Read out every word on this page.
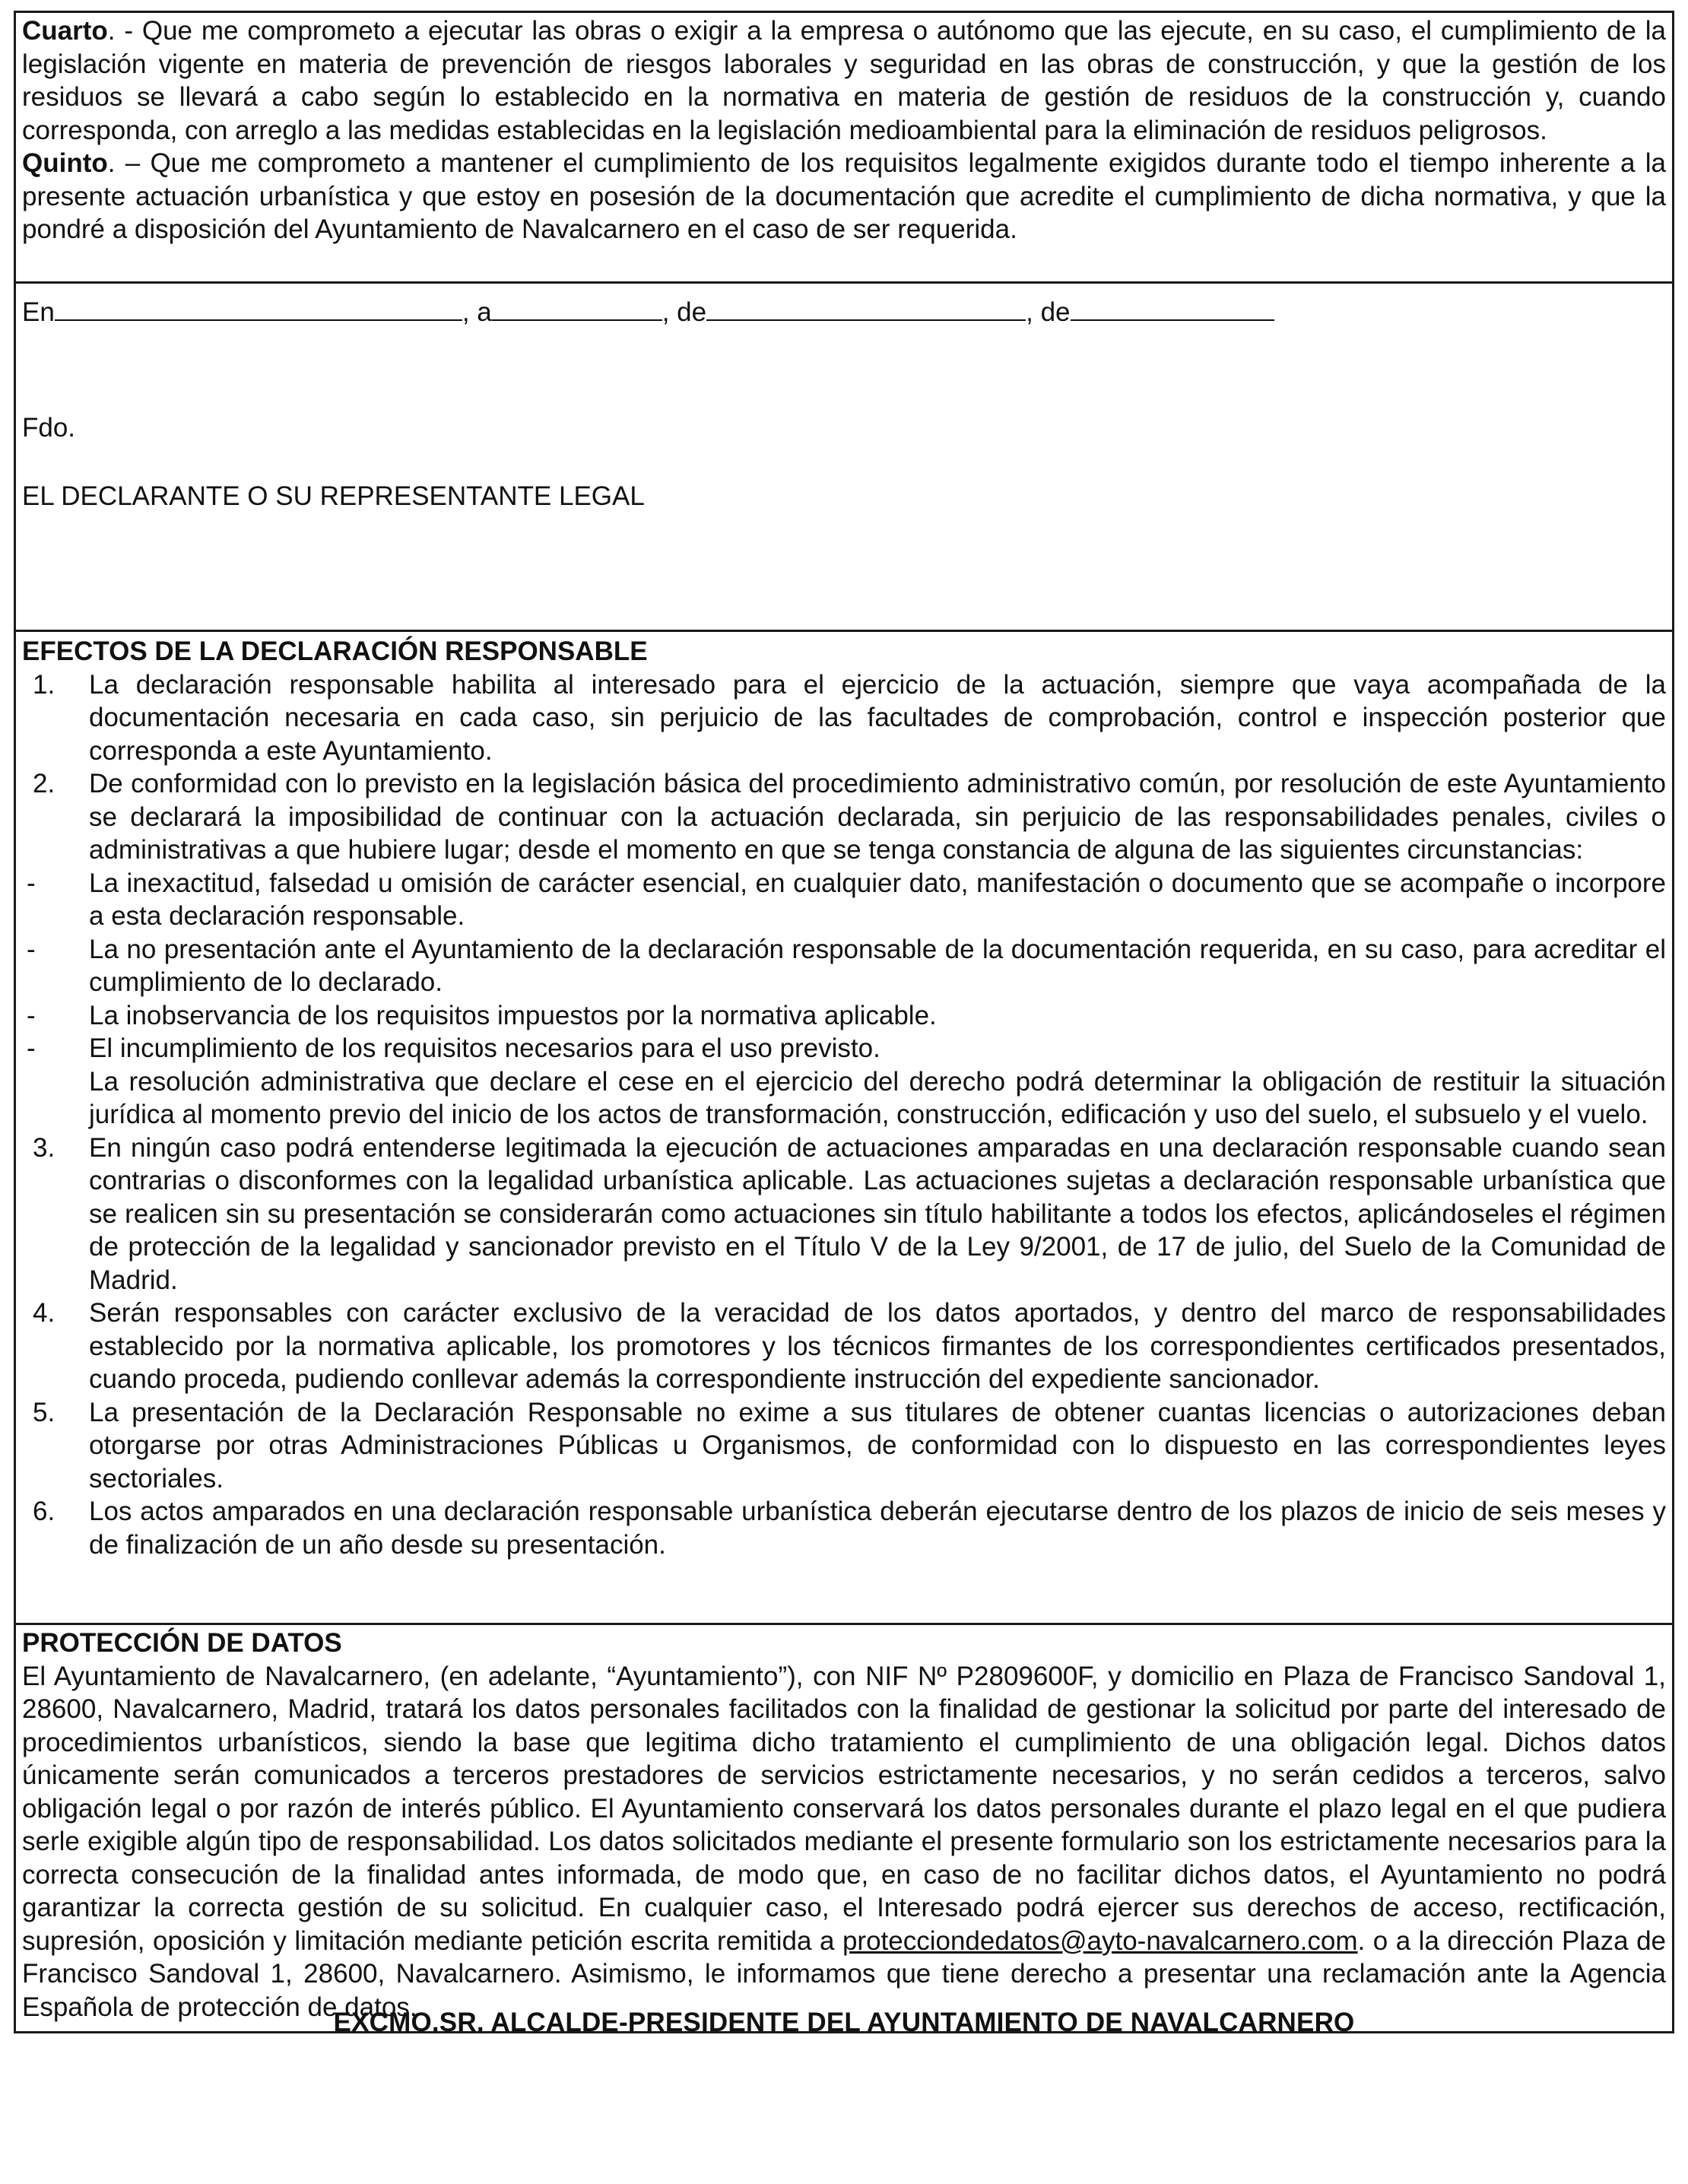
Cuarto. - Que me comprometo a ejecutar las obras o exigir a la empresa o autónomo que las ejecute, en su caso, el cumplimiento de la legislación vigente en materia de prevención de riesgos laborales y seguridad en las obras de construcción, y que la gestión de los residuos se llevará a cabo según lo establecido en la normativa en materia de gestión de residuos de la construcción y, cuando corresponda, con arreglo a las medidas establecidas en la legislación medioambiental para la eliminación de residuos peligrosos.

Quinto. – Que me comprometo a mantener el cumplimiento de los requisitos legalmente exigidos durante todo el tiempo inherente a la presente actuación urbanística y que estoy en posesión de la documentación que acredite el cumplimiento de dicha normativa, y que la pondré a disposición del Ayuntamiento de Navalcarnero en el caso de ser requerida.

En	, a	, de	, de
Fdo.
EL DECLARANTE O SU REPRESENTANTE LEGAL
EFECTOS DE LA DECLARACIÓN RESPONSABLE
1.	La declaración responsable habilita al interesado para el ejercicio de la actuación, siempre que vaya acompañada de la documentación necesaria en cada caso, sin perjuicio de las facultades de comprobación, control e inspección posterior que corresponda a este Ayuntamiento.
2.	De conformidad con lo previsto en la legislación básica del procedimiento administrativo común, por resolución de este Ayuntamiento se declarará la imposibilidad de continuar con la actuación declarada, sin perjuicio de las responsabilidades penales, civiles o administrativas a que hubiere lugar; desde el momento en que se tenga constancia de alguna de las siguientes circunstancias:
-	La inexactitud, falsedad u omisión de carácter esencial, en cualquier dato, manifestación o documento que se acompañe o incorpore a esta declaración responsable.
-	La no presentación ante el Ayuntamiento de la declaración responsable de la documentación requerida, en su caso, para acreditar el cumplimiento de lo declarado.
-	La inobservancia de los requisitos impuestos por la normativa aplicable.
-	El incumplimiento de los requisitos necesarios para el uso previsto.
La resolución administrativa que declare el cese en el ejercicio del derecho podrá determinar la obligación de restituir la situación jurídica al momento previo del inicio de los actos de transformación, construcción, edificación y uso del suelo, el subsuelo y el vuelo.
3.	En ningún caso podrá entenderse legitimada la ejecución de actuaciones amparadas en una declaración responsable cuando sean contrarias o disconformes con la legalidad urbanística aplicable. Las actuaciones sujetas a declaración responsable urbanística que se realicen sin su presentación se considerarán como actuaciones sin título habilitante a todos los efectos, aplicándoseles el régimen de protección de la legalidad y sancionador previsto en el Título V de la Ley 9/2001, de 17 de julio, del Suelo de la Comunidad de Madrid.
4.	Serán responsables con carácter exclusivo de la veracidad de los datos aportados, y dentro del marco de responsabilidades establecido por la normativa aplicable, los promotores y los técnicos firmantes de los correspondientes certificados presentados, cuando proceda, pudiendo conllevar además la correspondiente instrucción del expediente sancionador.
5.	La presentación de la Declaración Responsable no exime a sus titulares de obtener cuantas licencias o autorizaciones deban otorgarse por otras Administraciones Públicas u Organismos, de conformidad con lo dispuesto en las correspondientes leyes sectoriales.
6.	Los actos amparados en una declaración responsable urbanística deberán ejecutarse dentro de los plazos de inicio de seis meses y de finalización de un año desde su presentación.
PROTECCIÓN DE DATOS

El Ayuntamiento de Navalcarnero, (en adelante, “Ayuntamiento”), con NIF Nº P2809600F, y domicilio en Plaza de Francisco Sandoval 1, 28600, Navalcarnero, Madrid, tratará los datos personales facilitados con la finalidad de gestionar la solicitud por parte del interesado de procedimientos urbanísticos, siendo la base que legitima dicho tratamiento el cumplimiento de una obligación legal. Dichos datos únicamente serán comunicados a terceros prestadores de servicios estrictamente necesarios, y no serán cedidos a terceros, salvo obligación legal o por razón de interés público. El Ayuntamiento conservará los datos personales durante el plazo legal en el que pudiera serle exigible algún tipo de responsabilidad. Los datos solicitados mediante el presente formulario son los estrictamente necesarios para la correcta consecución de la finalidad antes informada, de modo que, en caso de no facilitar dichos datos, el Ayuntamiento no podrá garantizar la correcta gestión de su solicitud. En cualquier caso, el Interesado podrá ejercer sus derechos de acceso, rectificación, supresión, oposición y limitación mediante petición escrita remitida a protecciondedatos@ayto-navalcarnero.com. o a la dirección Plaza de Francisco Sandoval 1, 28600, Navalcarnero. Asimismo, le informamos que tiene derecho a presentar una reclamación ante la Agencia Española de protección de datos.

EXCMO.SR. ALCALDE-PRESIDENTE DEL AYUNTAMIENTO DE NAVALCARNERO
